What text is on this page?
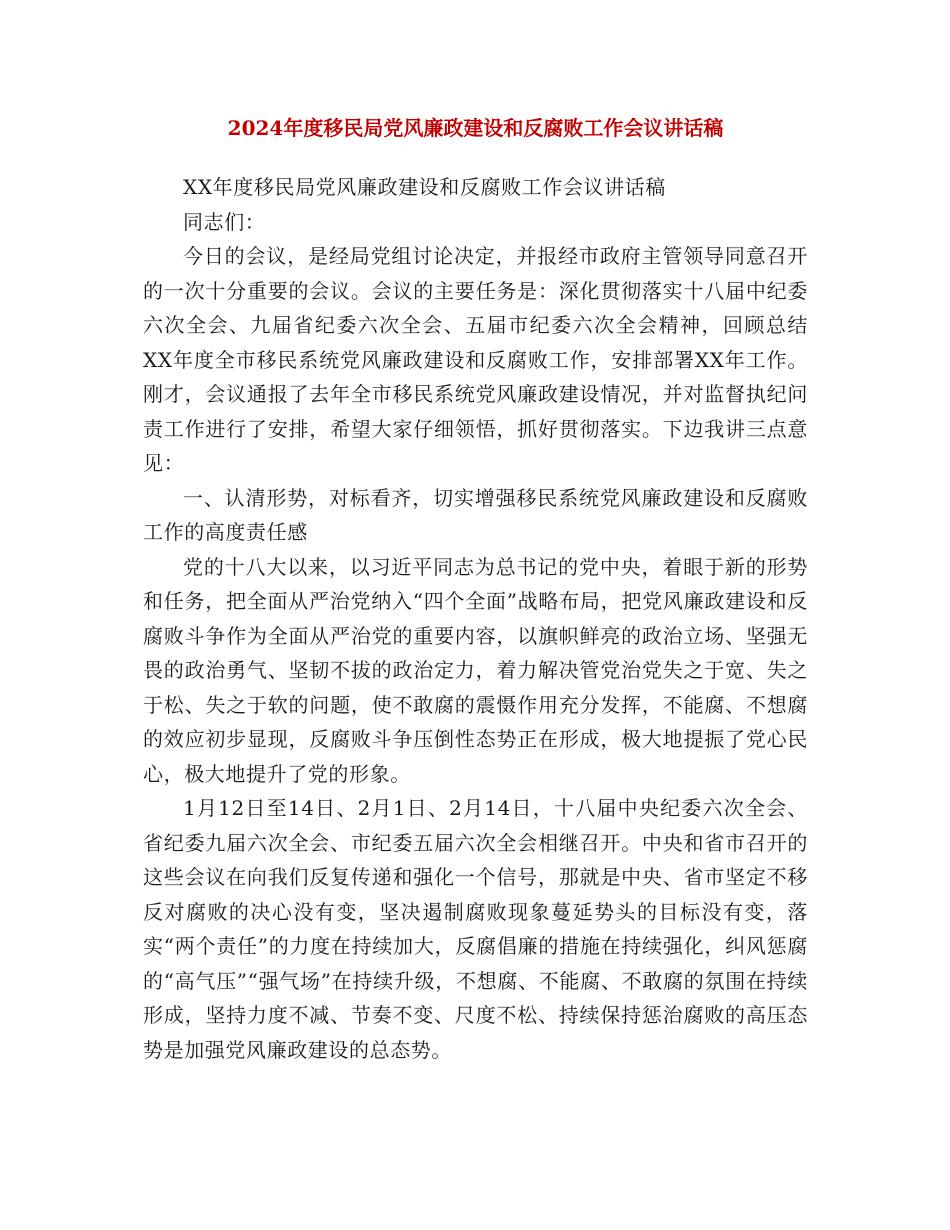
2024年度移民局党风廉政建设和反腐败工作会议讲话稿

XX年度移民局党风廉政建设和反腐败工作会议讲话稿

同志们：

今日的会议，是经局党组讨论决定，并报经市政府主管领导同意召开的一次十分重要的会议。会议的主要任务是：深化贯彻落实十八届中纪委六次全会、九届省纪委六次全会、五届市纪委六次全会精神，回顾总结XX年度全市移民系统党风廉政建设和反腐败工作，安排部署XX年工作。刚才，会议通报了去年全市移民系统党风廉政建设情况，并对监督执纪问责工作进行了安排，希望大家仔细领悟，抓好贯彻落实。下边我讲三点意见：

一、认清形势，对标看齐，切实增强移民系统党风廉政建设和反腐败工作的高度责任感

党的十八大以来，以习近平同志为总书记的党中央，着眼于新的形势和任务，把全面从严治党纳入“四个全面”战略布局，把党风廉政建设和反腐败斗争作为全面从严治党的重要内容，以旗帜鲜亮的政治立场、坚强无畏的政治勇气、坚韧不拔的政治定力，着力解决管党治党失之于宽、失之于松、失之于软的问题，使不敢腐的震慑作用充分发挥，不能腐、不想腐的效应初步显现，反腐败斗争压倒性态势正在形成，极大地提振了党心民心，极大地提升了党的形象。

1月12日至14日、2月1日、2月14日，十八届中央纪委六次全会、省纪委九届六次全会、市纪委五届六次全会相继召开。中央和省市召开的这些会议在向我们反复传递和强化一个信号，那就是中央、省市坚定不移反对腐败的决心没有变，坚决遏制腐败现象蔓延势头的目标没有变，落实“两个责任”的力度在持续加大，反腐倡廉的措施在持续强化，纠风惩腐的“高气压”“强气场”在持续升级，不想腐、不能腐、不敢腐的氛围在持续形成，坚持力度不减、节奏不变、尺度不松、持续保持惩治腐败的高压态势是加强党风廉政建设的总态势。
